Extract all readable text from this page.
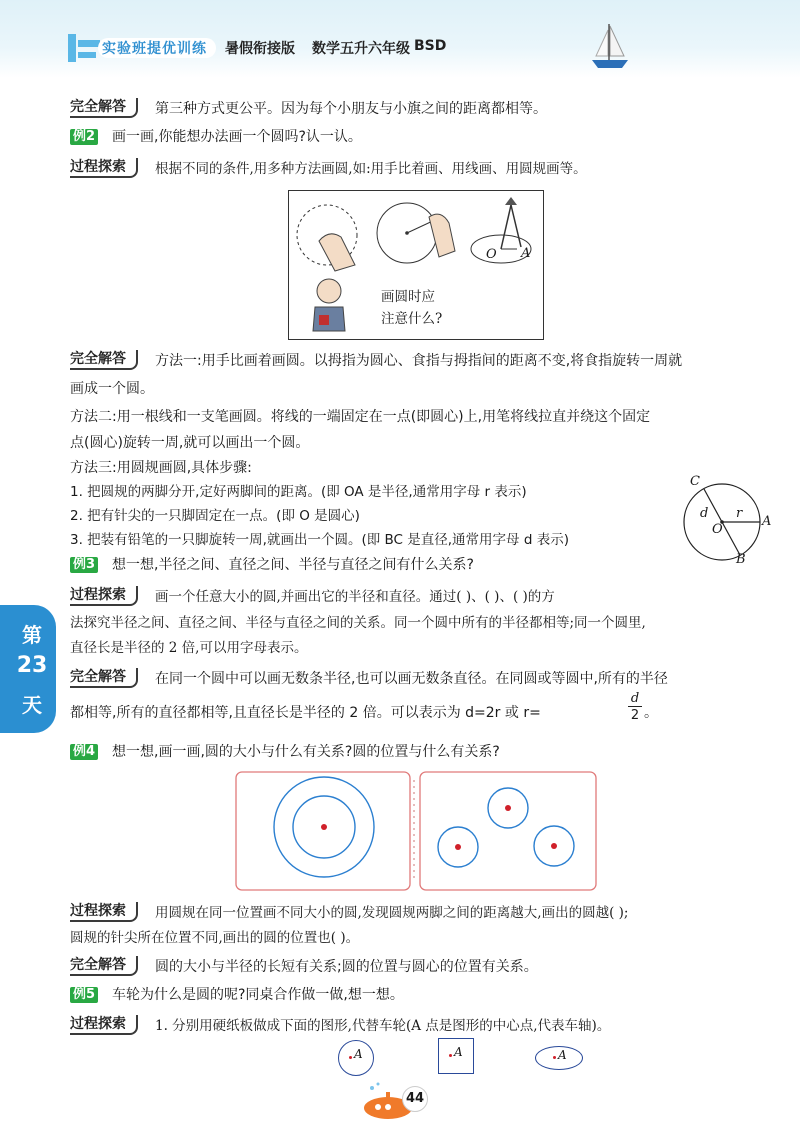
实验班提优训练 暑假衔接版 数学五升六年级 BSD
完全解答	第三种方式更公平。因为每个小朋友与小旗之间的距离都相等。
例2 画一画,你能想办法画一个圆吗?认一认。
过程探索	根据不同的条件,用多种方法画圆,如:用手比着画、用线画、用圆规画等。
O A
画圆时应
注意什么?
完全解答	方法一:用手比画着画圆。以拇指为圆心、食指与拇指间的距离不变,将食指旋转一周就
画成一个圆。
方法二:用一根线和一支笔画圆。将线的一端固定在一点(即圆心)上,用笔将线拉直并绕这个固定
点(圆心)旋转一周,就可以画出一个圆。
方法三:用圆规画圆,具体步骤:
1. 把圆规的两脚分开,定好两脚间的距离。(即 OA 是半径,通常用字母 r 表示)
2. 把有针尖的一只脚固定在一点。(即 O 是圆心)
3. 把装有铅笔的一只脚旋转一周,就画出一个圆。(即 BC 是直径,通常用字母 d 表示)
C
d
O
r
A
B
例3 想一想,半径之间、直径之间、半径与直径之间有什么关系?
过程探索	画一个任意大小的圆,并画出它的半径和直径。通过( )、( )、( )的方
法探究半径之间、直径之间、半径与直径之间的关系。同一个圆中所有的半径都相等;同一个圆里,
直径长是半径的 2 倍,可以用字母表示。
完全解答	在同一个圆中可以画无数条半径,也可以画无数条直径。在同圆或等圆中,所有的半径
都相等,所有的直径都相等,且直径长是半径的 2 倍。可以表示为 d=2r 或 r=
d
2 。
例4 想一想,画一画,圆的大小与什么有关系?圆的位置与什么有关系?
过程探索	用圆规在同一位置画不同大小的圆,发现圆规两脚之间的距离越大,画出的圆越( );
圆规的针尖所在位置不同,画出的圆的位置也( )。
完全解答	圆的大小与半径的长短有关系;圆的位置与圆心的位置有关系。
例5 车轮为什么是圆的呢?同桌合作做一做,想一想。
过程探索	1. 分别用硬纸板做成下面的图形,代替车轮(A 点是图形的中心点,代表车轴)。
A	A	A
第
23
天
44
